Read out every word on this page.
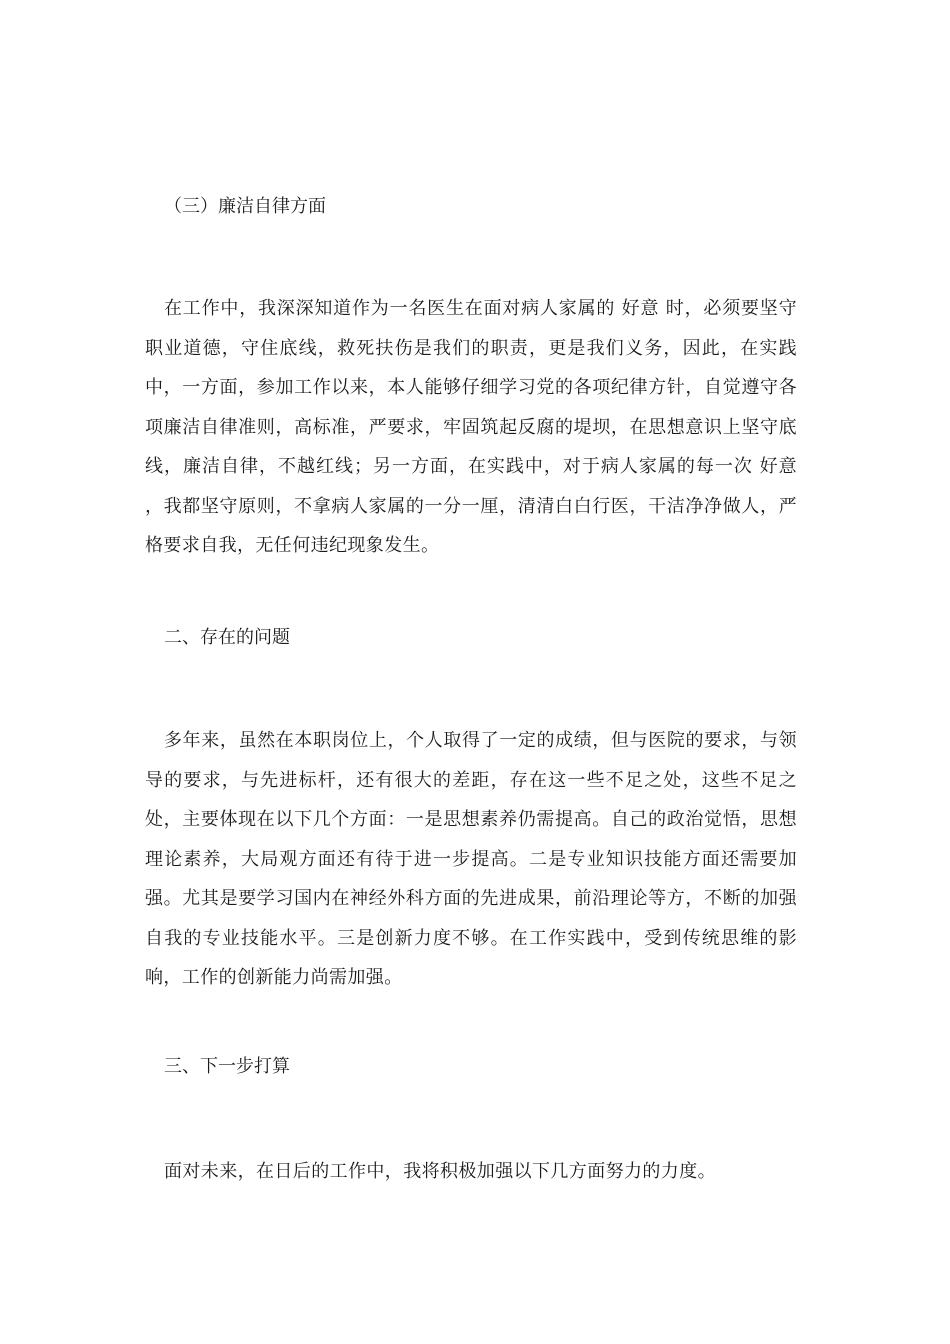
（三）廉洁自律方面
在工作中，我深深知道作为一名医生在面对病人家属的 好意 时，必须要坚守职业道德，守住底线，救死扶伤是我们的职责，更是我们义务，因此，在实践中，一方面，参加工作以来，本人能够仔细学习党的各项纪律方针，自觉遵守各项廉洁自律准则，高标准，严要求，牢固筑起反腐的堤坝，在思想意识上坚守底线，廉洁自律，不越红线；另一方面，在实践中，对于病人家属的每一次 好意 ，我都坚守原则，不拿病人家属的一分一厘，清清白白行医，干洁净净做人，严格要求自我，无任何违纪现象发生。
二、存在的问题
多年来，虽然在本职岗位上，个人取得了一定的成绩，但与医院的要求，与领导的要求，与先进标杆，还有很大的差距，存在这一些不足之处，这些不足之处，主要体现在以下几个方面：一是思想素养仍需提高。自己的政治觉悟，思想理论素养，大局观方面还有待于进一步提高。二是专业知识技能方面还需要加强。尤其是要学习国内在神经外科方面的先进成果，前沿理论等方，不断的加强自我的专业技能水平。三是创新力度不够。在工作实践中，受到传统思维的影响，工作的创新能力尚需加强。
三、下一步打算
面对未来，在日后的工作中，我将积极加强以下几方面努力的力度。
